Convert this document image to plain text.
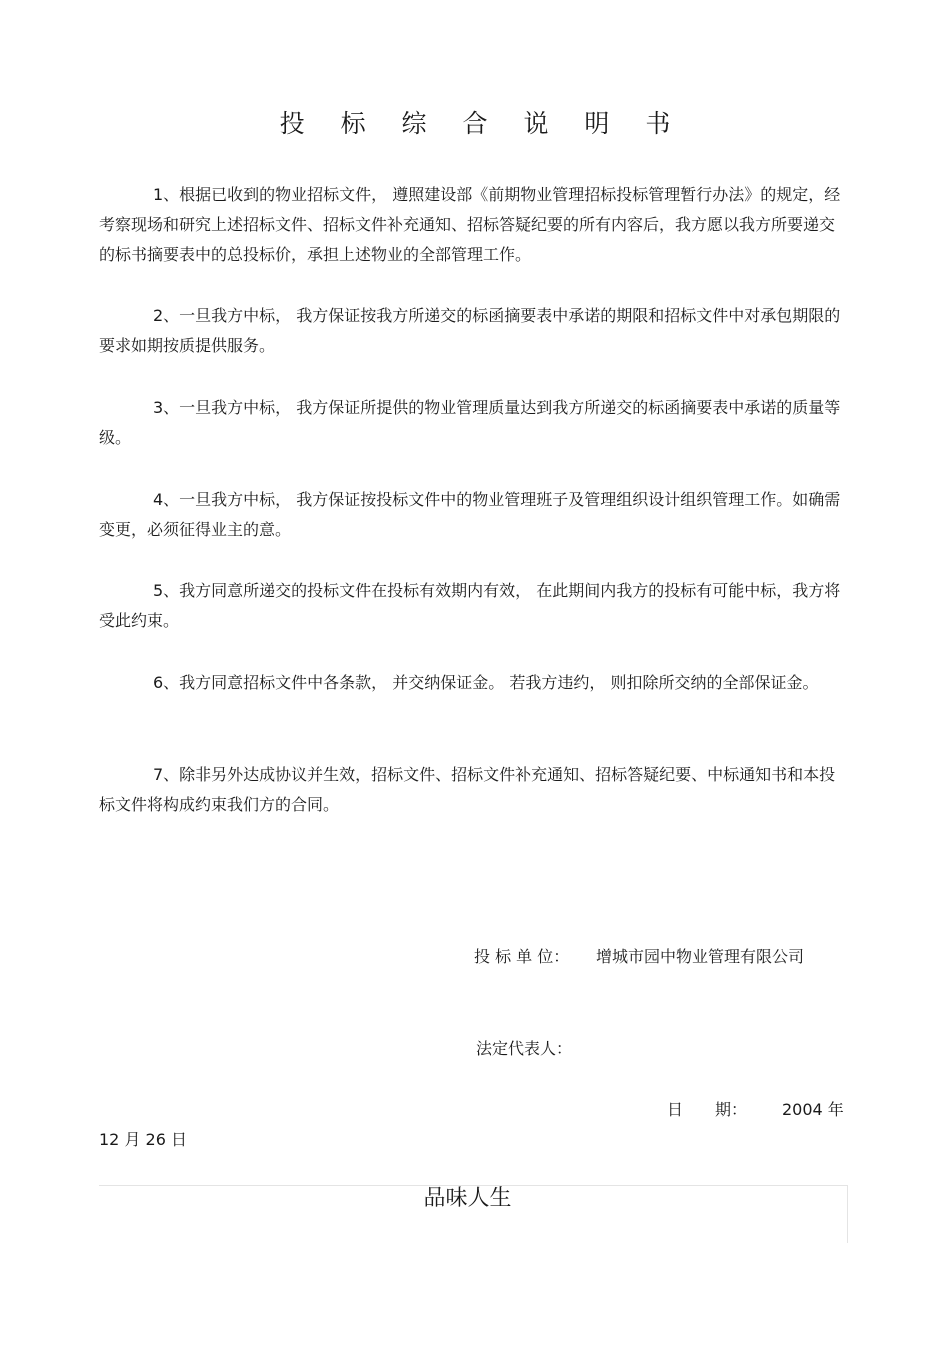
投 标 综 合 说 明 书
1、根据已收到的物业招标文件， 遵照建设部《前期物业管理招标投标管理暂行办法》的规定，经考察现场和研究上述招标文件、招标文件补充通知、招标答疑纪要的所有内容后，我方愿以我方所要递交的标书摘要表中的总投标价，承担上述物业的全部管理工作。
2、一旦我方中标， 我方保证按我方所递交的标函摘要表中承诺的期限和招标文件中对承包期限的要求如期按质提供服务。
3、一旦我方中标， 我方保证所提供的物业管理质量达到我方所递交的标函摘要表中承诺的质量等级。
4、一旦我方中标， 我方保证按投标文件中的物业管理班子及管理组织设计组织管理工作。如确需变更，必须征得业主的意。
5、我方同意所递交的投标文件在投标有效期内有效， 在此期间内我方的投标有可能中标，我方将受此约束。
6、我方同意招标文件中各条款， 并交纳保证金。 若我方违约， 则扣除所交纳的全部保证金。
7、除非另外达成协议并生效，招标文件、招标文件补充通知、招标答疑纪要、中标通知书和本投标文件将构成约束我们方的合同。
投 标 单 位： 增城市园中物业管理有限公司
法定代表人：
日　　期： 2004 年
12 月 26 日
品味人生
